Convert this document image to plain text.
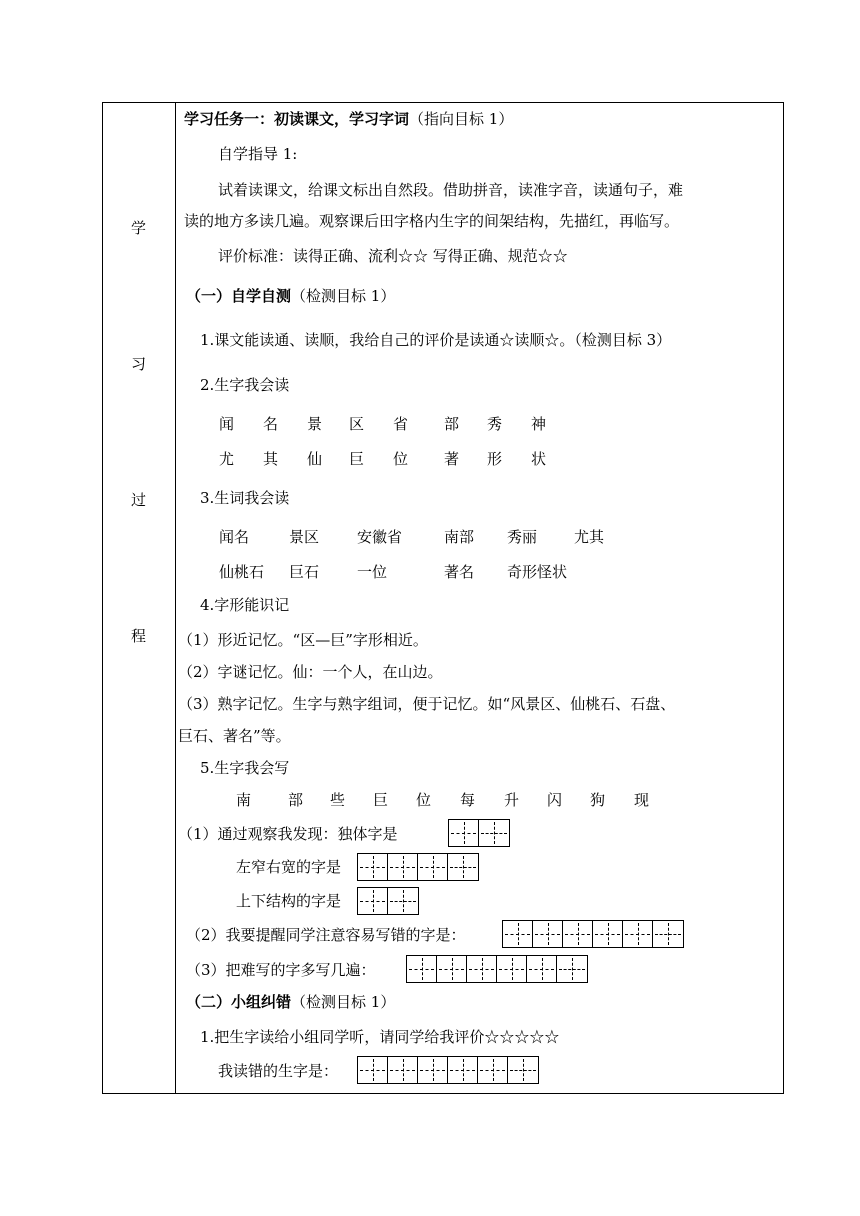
学
习
过
程
学习任务一：初读课文，学习字词（指向目标 1）
自学指导 1:
试着读课文，给课文标出自然段。借助拼音，读准字音，读通句子，难
读的地方多读几遍。观察课后田字格内生字的间架结构，先描红，再临写。
评价标准：读得正确、流利☆☆ 写得正确、规范☆☆
（一）自学自测（检测目标 1）
1.课文能读通、读顺，我给自己的评价是读通☆读顺☆。（检测目标 3）
2.生字我会读
闻 名 景 区 省 部 秀 神
尤 其 仙 巨 位 著 形 状
3.生词我会读
闻名	景区	安徽省	南部 秀丽 尤其
仙桃石 巨石	一位	著名 奇形怪状
4.字形能识记
（1）形近记忆。“区—巨”字形相近。
（2）字谜记忆。仙：一个人，在山边。
（3）熟字记忆。生字与熟字组词，便于记忆。如“风景区、仙桃石、石盘、
巨石、著名”等。
5.生字我会写
南 部 些 巨 位 每 升 闪 狗 现
（1）通过观察我发现：独体字是
左窄右宽的字是
上下结构的字是
（2）我要提醒同学注意容易写错的字是：
（3）把难写的字多写几遍：
（二）小组纠错（检测目标 1）
1.把生字读给小组同学听，请同学给我评价☆☆☆☆☆
我读错的生字是：
